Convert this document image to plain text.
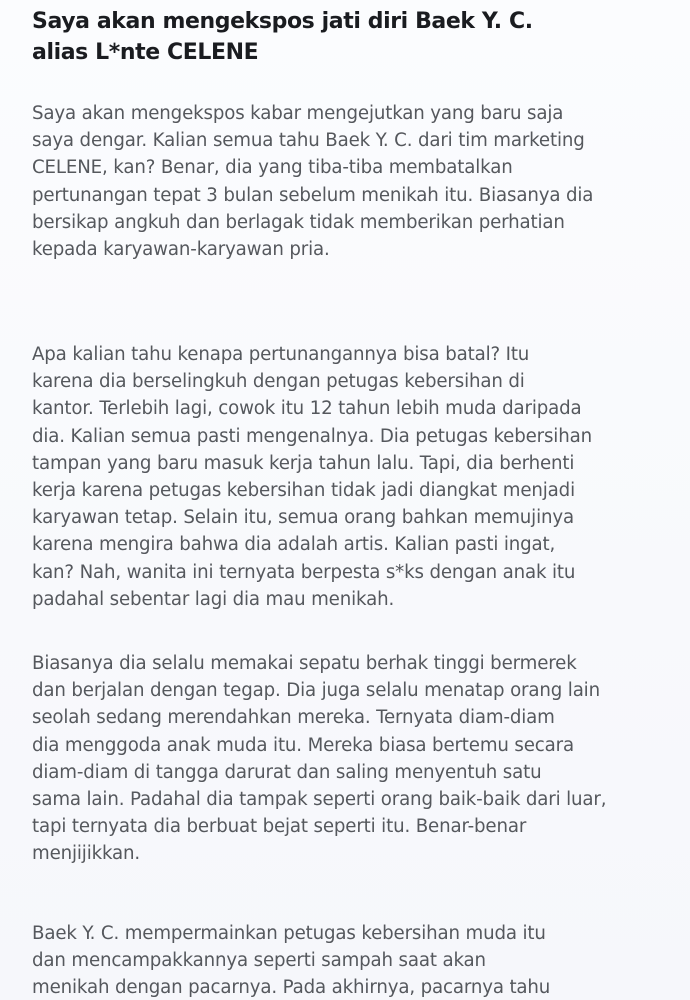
Saya akan mengekspos jati diri Baek Y. C.
alias L*nte CELENE

Saya akan mengekspos kabar mengejutkan yang baru saja
saya dengar. Kalian semua tahu Baek Y. C. dari tim marketing
CELENE, kan? Benar, dia yang tiba-tiba membatalkan
pertunangan tepat 3 bulan sebelum menikah itu. Biasanya dia
bersikap angkuh dan berlagak tidak memberikan perhatian
kepada karyawan-karyawan pria.

Apa kalian tahu kenapa pertunangannya bisa batal? Itu
karena dia berselingkuh dengan petugas kebersihan di
kantor. Terlebih lagi, cowok itu 12 tahun lebih muda daripada
dia. Kalian semua pasti mengenalnya. Dia petugas kebersihan
tampan yang baru masuk kerja tahun lalu. Tapi, dia berhenti
kerja karena petugas kebersihan tidak jadi diangkat menjadi
karyawan tetap. Selain itu, semua orang bahkan memujinya
karena mengira bahwa dia adalah artis. Kalian pasti ingat,
kan? Nah, wanita ini ternyata berpesta s*ks dengan anak itu
padahal sebentar lagi dia mau menikah.

Biasanya dia selalu memakai sepatu berhak tinggi bermerek
dan berjalan dengan tegap. Dia juga selalu menatap orang lain
seolah sedang merendahkan mereka. Ternyata diam-diam
dia menggoda anak muda itu. Mereka biasa bertemu secara
diam-diam di tangga darurat dan saling menyentuh satu
sama lain. Padahal dia tampak seperti orang baik-baik dari luar,
tapi ternyata dia berbuat bejat seperti itu. Benar-benar
menjijikkan.

Baek Y. C. mempermainkan petugas kebersihan muda itu
dan mencampakkannya seperti sampah saat akan
menikah dengan pacarnya. Pada akhirnya, pacarnya tahu
